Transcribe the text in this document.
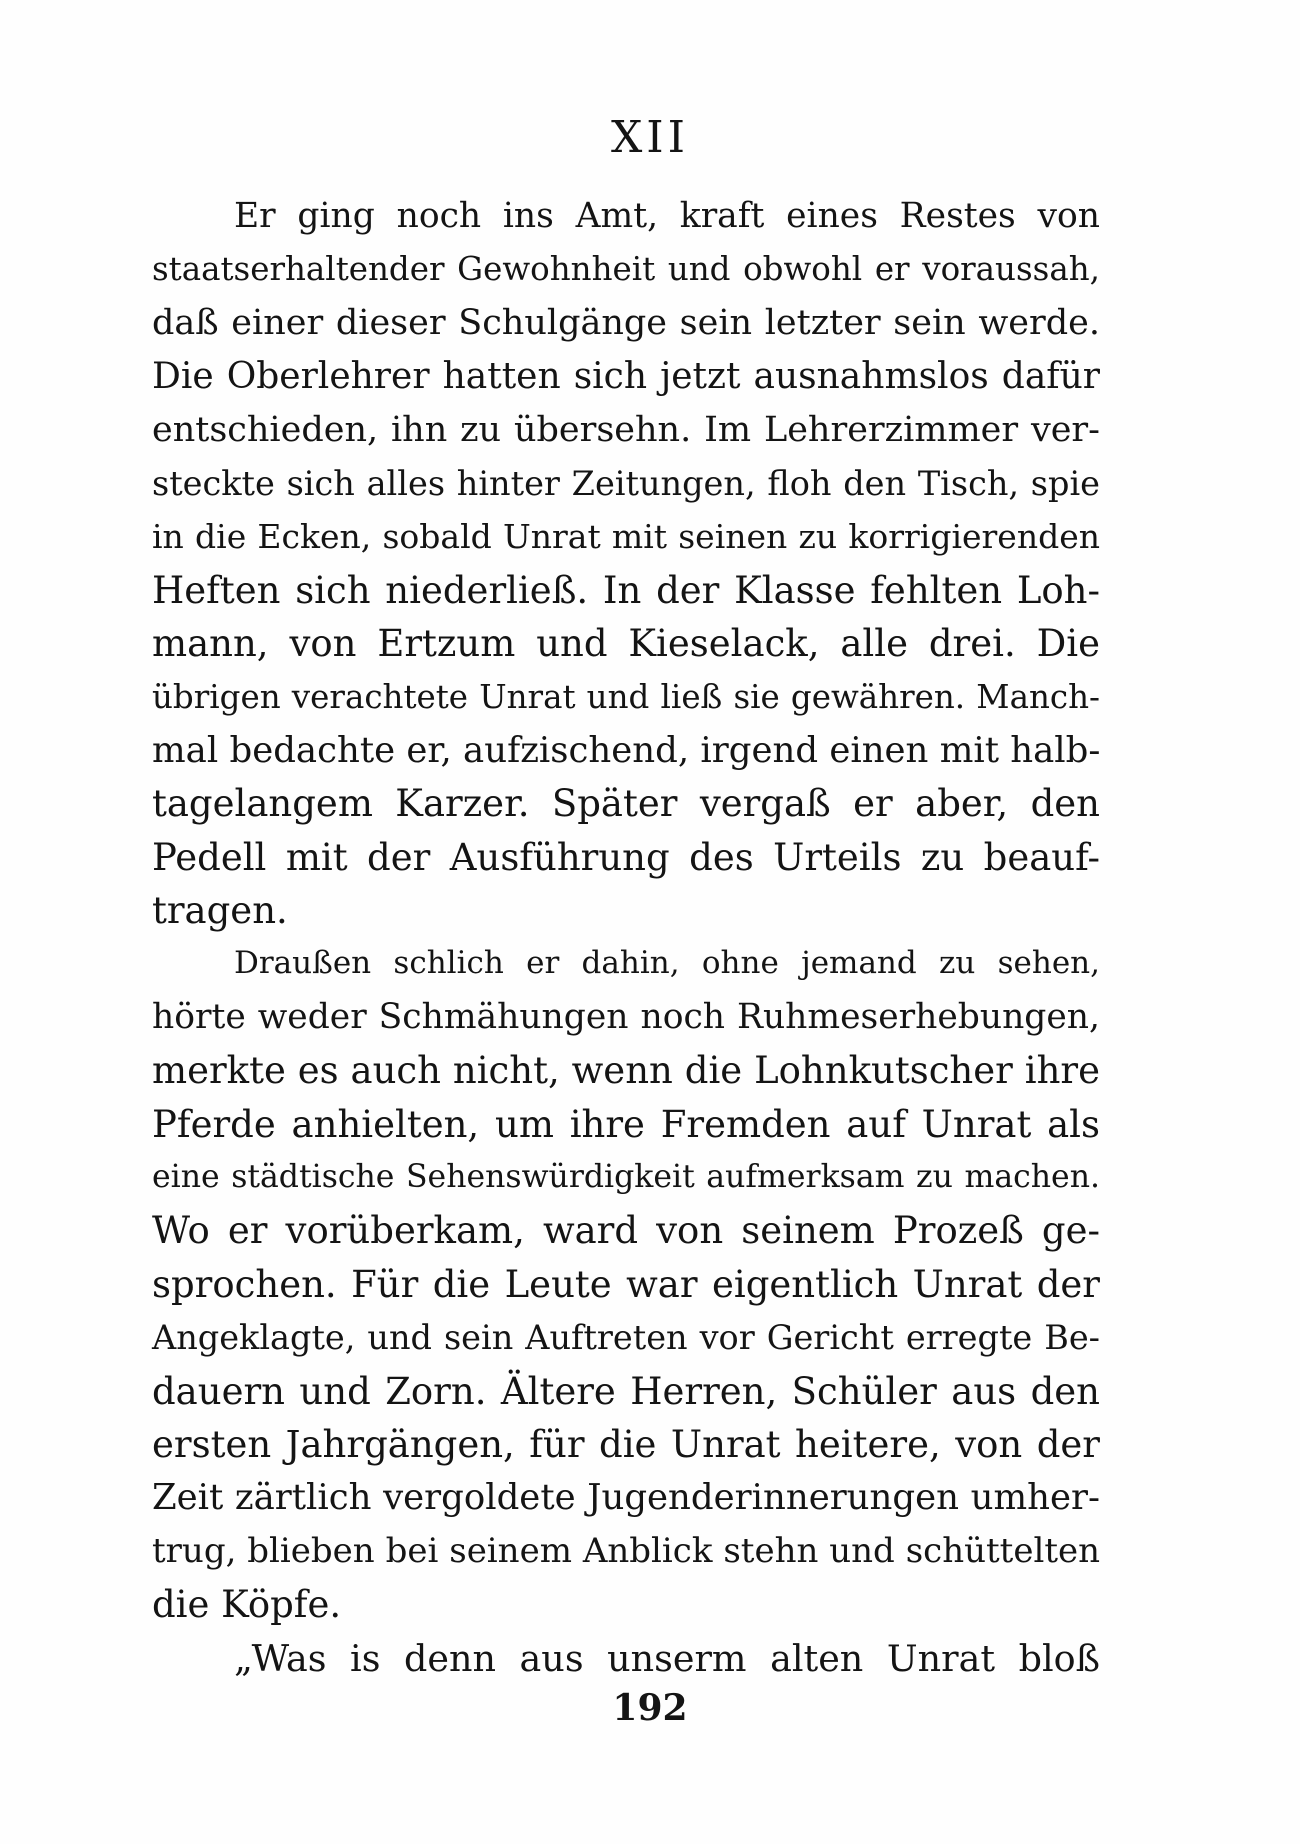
XII
Er ging noch ins Amt, kraft eines Restes von
staatserhaltender Gewohnheit und obwohl er voraussah,
daß einer dieser Schulgänge sein letzter sein werde.
Die Oberlehrer hatten sich jetzt ausnahmslos dafür
entschieden, ihn zu übersehn. Im Lehrerzimmer ver-
steckte sich alles hinter Zeitungen, floh den Tisch, spie
in die Ecken, sobald Unrat mit seinen zu korrigierenden
Heften sich niederließ. In der Klasse fehlten Loh-
mann, von Ertzum und Kieselack, alle drei. Die
übrigen verachtete Unrat und ließ sie gewähren. Manch-
mal bedachte er, aufzischend, irgend einen mit halb-
tagelangem Karzer. Später vergaß er aber, den
Pedell mit der Ausführung des Urteils zu beauf-
tragen.
Draußen schlich er dahin, ohne jemand zu sehen,
hörte weder Schmähungen noch Ruhmeserhebungen,
merkte es auch nicht, wenn die Lohnkutscher ihre
Pferde anhielten, um ihre Fremden auf Unrat als
eine städtische Sehenswürdigkeit aufmerksam zu machen.
Wo er vorüberkam, ward von seinem Prozeß ge-
sprochen. Für die Leute war eigentlich Unrat der
Angeklagte, und sein Auftreten vor Gericht erregte Be-
dauern und Zorn. Ältere Herren, Schüler aus den
ersten Jahrgängen, für die Unrat heitere, von der
Zeit zärtlich vergoldete Jugenderinnerungen umher-
trug, blieben bei seinem Anblick stehn und schüttelten
die Köpfe.
„Was is denn aus unserm alten Unrat bloß
192
